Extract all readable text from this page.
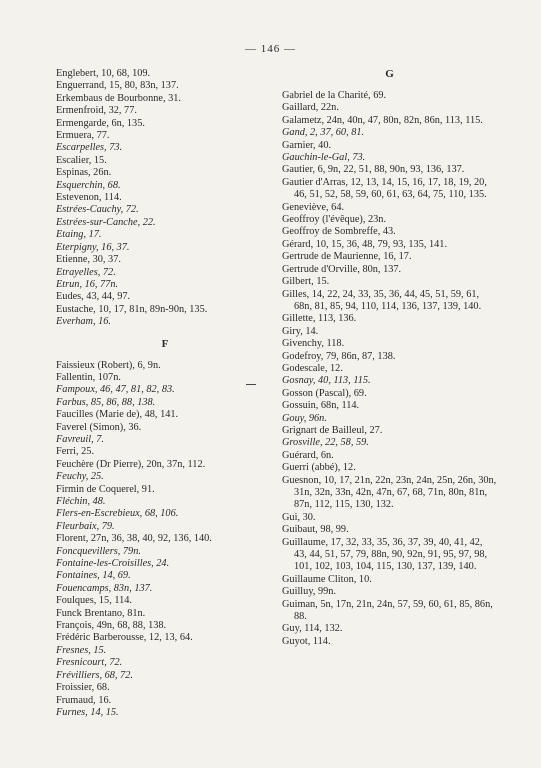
— 146 —
Englebert, 10, 68, 109.
Enguerrand, 15, 80, 83n, 137.
Erkembaus de Bourbonne, 31.
Ermenfroid, 32, 77.
Ermengarde, 6n, 135.
Ermuera, 77.
Escarpelles, 73.
Escalier, 15.
Espinas, 26n.
Esquerchin, 68.
Estevenon, 114.
Estrées-Cauchy, 72.
Estrées-sur-Canche, 22.
Etaing, 17.
Eterpigny, 16, 37.
Etienne, 30, 37.
Etrayelles, 72.
Etrun, 16, 77n.
Eudes, 43, 44, 97.
Eustache, 10, 17, 81n, 89n-90n, 135.
Everham, 16.
F
Faissieux (Robert), 6, 9n.
Fallentin, 107n.
Fampoux, 46, 47, 81, 82, 83.
Farbus, 85, 86, 88, 138.
Faucilles (Marie de), 48, 141.
Faverel (Simon), 36.
Favreuil, 7.
Ferri, 25.
Feuchère (Dr Pierre), 20n, 37n, 112.
Feuchy, 25.
Firmin de Coquerel, 91.
Fléchin, 48.
Flers-en-Escrebieux, 68, 106.
Fleurbaix, 79.
Florent, 27n, 36, 38, 40, 92, 136, 140.
Foncquevillers, 79n.
Fontaine-les-Croisilles, 24.
Fontaines, 14, 69.
Fouencamps, 83n, 137.
Foulques, 15, 114.
Funck Brentano, 81n.
François, 49n, 68, 88, 138.
Frédéric Barberousse, 12, 13, 64.
Fresnes, 15.
Fresnicourt, 72.
Frévilliers, 68, 72.
Froissier, 68.
Frumaud, 16.
Furnes, 14, 15.
G
Gabriel de la Charité, 69.
Gaillard, 22n.
Galametz, 24n, 40n, 47, 80n, 82n, 86n, 113, 115.
Gand, 2, 37, 60, 81.
Garnier, 40.
Gauchin-le-Gal, 73.
Gautier, 6, 9n, 22, 51, 88, 90n, 93, 136, 137.
Gautier d'Arras, 12, 13, 14, 15, 16, 17, 18, 19, 20, 46, 51, 52, 58, 59, 60, 61, 63, 64, 75, 110, 135.
Geneviève, 64.
Geoffroy (l'évêque), 23n.
Geoffroy de Sombreffe, 43.
Gérard, 10, 15, 36, 48, 79, 93, 135, 141.
Gertrude de Maurienne, 16, 17.
Gertrude d'Orville, 80n, 137.
Gilbert, 15.
Gilles, 14, 22, 24, 33, 35, 36, 44, 45, 51, 59, 61, 68n, 81, 85, 94, 110, 114, 136, 137, 139, 140.
Gillette, 113, 136.
Giry, 14.
Givenchy, 118.
Godefroy, 79, 86n, 87, 138.
Godescale, 12.
Gosnay, 40, 113, 115.
Gosson (Pascal), 69.
Gossuin, 68n, 114.
Gouy, 96n.
Grignart de Bailleul, 27.
Grosville, 22, 58, 59.
Guérard, 6n.
Guerri (abbé), 12.
Guesnon, 10, 17, 21n, 22n, 23n, 24n, 25n, 26n, 30n, 31n, 32n, 33n, 42n, 47n, 67, 68, 71n, 80n, 81n, 87n, 112, 115, 130, 132.
Gui, 30.
Guibaut, 98, 99.
Guillaume, 17, 32, 33, 35, 36, 37, 39, 40, 41, 42, 43, 44, 51, 57, 79, 88n, 90, 92n, 91, 95, 97, 98, 101, 102, 103, 104, 115, 130, 137, 139, 140.
Guillaume Cliton, 10.
Guilluy, 99n.
Guiman, 5n, 17n, 21n, 24n, 57, 59, 60, 61, 85, 86n, 88.
Guy, 114, 132.
Guyot, 114.
